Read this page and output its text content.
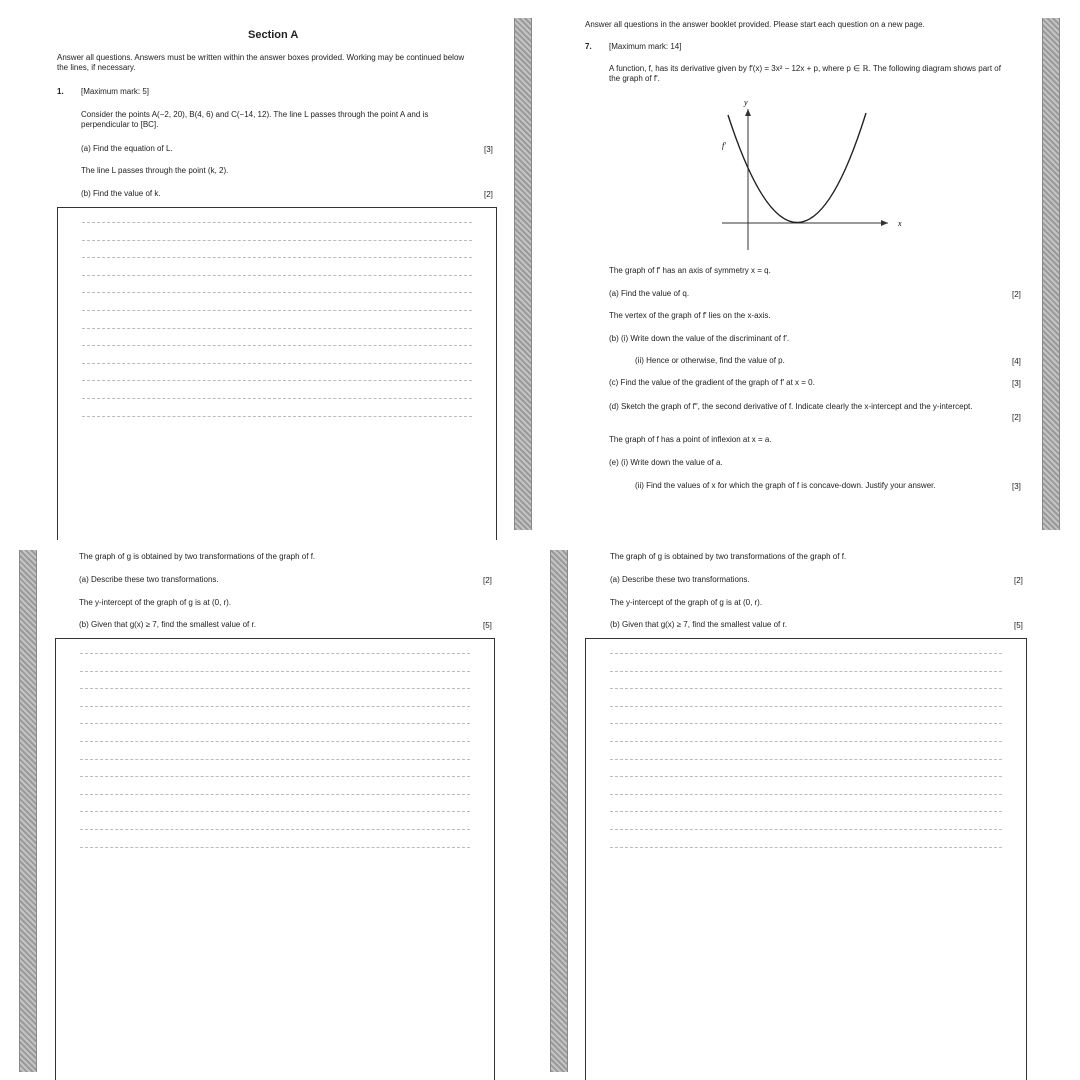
Section A
Answer all questions. Answers must be written within the answer boxes provided. Working may be continued below the lines, if necessary.
1. [Maximum mark: 5]
Consider the points A(−2, 20), B(4, 6) and C(−14, 12). The line L passes through the point A and is perpendicular to [BC].
(a) Find the equation of L.	[3]
The line L passes through the point (k, 2).
(b) Find the value of k.	[2]
Answer all questions in the answer booklet provided. Please start each question on a new page.
7. [Maximum mark: 14]
A function, f, has its derivative given by f′(x) = 3x² − 12x + p, where p ∈ ℝ. The following diagram shows part of the graph of f′.
y
x
f′
The graph of f′ has an axis of symmetry x = q.
(a) Find the value of q.	[2]
The vertex of the graph of f′ lies on the x-axis.
(b) (i) Write down the value of the discriminant of f′.
(ii) Hence or otherwise, find the value of p.	[4]
(c) Find the value of the gradient of the graph of f′ at x = 0.	[3]
(d) Sketch the graph of f″, the second derivative of f. Indicate clearly the x-intercept and the y-intercept.
[2]
The graph of f has a point of inflexion at x = a.
(e) (i) Write down the value of a.
(ii) Find the values of x for which the graph of f is concave-down. Justify your answer.	[3]
The graph of g is obtained by two transformations of the graph of f.
(a) Describe these two transformations.	[2]
The y-intercept of the graph of g is at (0, r).
(b) Given that g(x) ≥ 7, find the smallest value of r.	[5]
The graph of g is obtained by two transformations of the graph of f.
(a) Describe these two transformations.	[2]
The y-intercept of the graph of g is at (0, r).
(b) Given that g(x) ≥ 7, find the smallest value of r.	[5]
